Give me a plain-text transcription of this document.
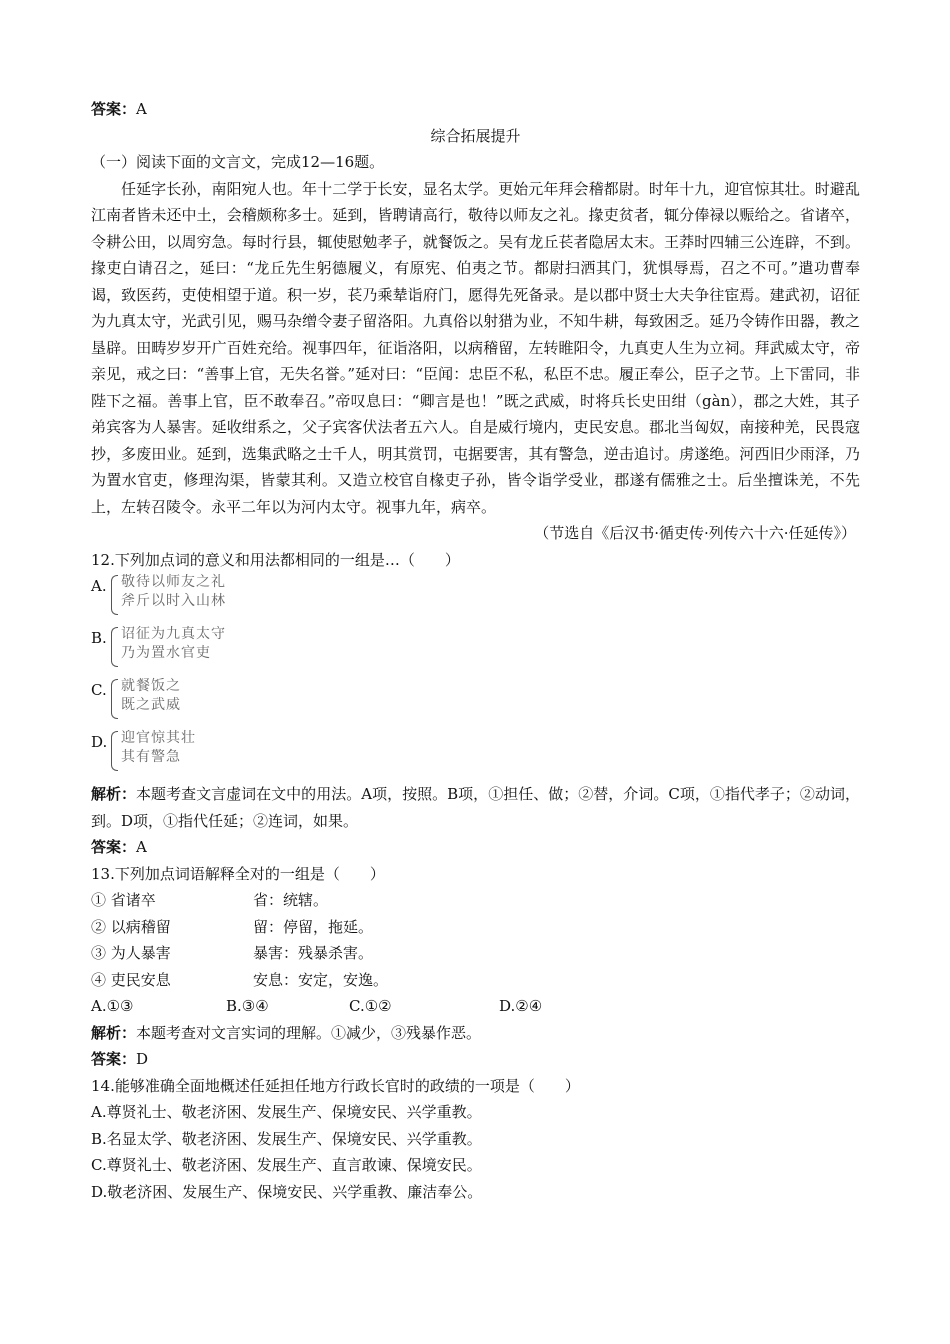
答案：A
综合拓展提升
（一）阅读下面的文言文，完成12—16题。
任延字长孙，南阳宛人也。年十二学于长安，显名太学。更始元年拜会稽都尉。时年十九，迎官惊其壮。时避乱江南者皆未还中土，会稽颇称多士。延到，皆聘请高行，敬待以师友之礼。掾吏贫者，辄分俸禄以赈给之。省诸卒，令耕公田，以周穷急。每时行县，辄使慰勉孝子，就餐饭之。吴有龙丘苌者隐居太末。王莽时四辅三公连辟，不到。掾吏白请召之，延曰：“龙丘先生躬德履义，有原宪、伯夷之节。都尉扫洒其门，犹惧辱焉，召之不可。”遣功曹奉谒，致医药，吏使相望于道。积一岁，苌乃乘辇诣府门，愿得先死备录。是以郡中贤士大夫争往宦焉。建武初，诏征为九真太守，光武引见，赐马杂缯令妻子留洛阳。九真俗以射猎为业，不知牛耕，每致困乏。延乃令铸作田器，教之垦辟。田畴岁岁开广百姓充给。视事四年，征诣洛阳，以病稽留，左转睢阳令，九真吏人生为立祠。拜武威太守，帝亲见，戒之曰：“善事上官，无失名誉。”延对曰：“臣闻：忠臣不私，私臣不忠。履正奉公，臣子之节。上下雷同，非陛下之福。善事上官，臣不敢奉召。”帝叹息曰：“卿言是也！”既之武威，时将兵长史田绀（gàn），郡之大姓，其子弟宾客为人暴害。延收绀系之，父子宾客伏法者五六人。自是威行境内，吏民安息。郡北当匈奴，南接种羌，民畏寇抄，多废田业。延到，选集武略之士千人，明其赏罚，屯据要害，其有警急，逆击追讨。虏遂绝。河西旧少雨泽，乃为置水官吏，修理沟渠，皆蒙其利。又造立校官自椽吏子孙，皆令诣学受业，郡遂有儒雅之士。后坐擅诛羌，不先上，左转召陵令。永平二年以为河内太守。视事九年，病卒。
（节选自《后汉书·循吏传·列传六十六·任延传》）
12.下列加点词的意义和用法都相同的一组是…（　　）
A. 敬待以师友之礼
斧斤以时入山林
B. 诏征为九真太守
乃为置水官吏
C. 就餐饭之
既之武威
D. 迎官惊其壮
其有警急
解析：本题考查文言虚词在文中的用法。A项，按照。B项，①担任、做；②替，介词。C项，①指代孝子；②动词，到。D项，①指代任延；②连词，如果。
答案：A
13.下列加点词语解释全对的一组是（　　）
① 省诸卒	省：统辖。
② 以病稽留	留：停留，拖延。
③ 为人暴害	暴害：残暴杀害。
④ 吏民安息	安息：安定，安逸。
A.①③	B.③④	C.①②	D.②④
解析：本题考查对文言实词的理解。①减少，③残暴作恶。
答案：D
14.能够准确全面地概述任延担任地方行政长官时的政绩的一项是（　　）
A.尊贤礼士、敬老济困、发展生产、保境安民、兴学重教。
B.名显太学、敬老济困、发展生产、保境安民、兴学重教。
C.尊贤礼士、敬老济困、发展生产、直言敢谏、保境安民。
D.敬老济困、发展生产、保境安民、兴学重教、廉洁奉公。
